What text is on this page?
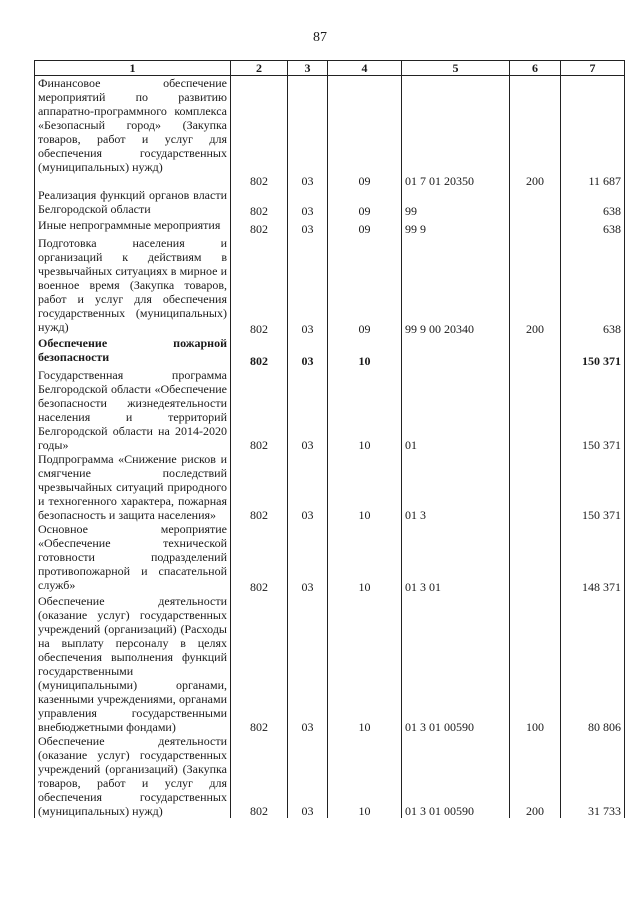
87
1	2	3	4	5	6	7
Финансовое обеспечение мероприятий по развитию аппаратно-программного комплекса «Безопасный город» (Закупка товаров, работ и услуг для обеспечения государственных (муниципальных) нужд)	802	03	09	01 7 01 20350	200	11 687
Реализация функций органов власти Белгородской области	802	03	09	99		638
Иные непрограммные мероприятия	802	03	09	99 9		638
Подготовка населения и организаций к действиям в чрезвычайных ситуациях в мирное и военное время (Закупка товаров, работ и услуг для обеспечения государственных (муниципальных) нужд)	802	03	09	99 9 00 20340	200	638
Обеспечение пожарной безопасности	802	03	10			150 371
Государственная программа Белгородской области «Обеспечение безопасности жизнедеятельности населения и территорий Белгородской области на 2014-2020 годы»	802	03	10	01		150 371
Подпрограмма «Снижение рисков и смягчение последствий чрезвычайных ситуаций природного и техногенного характера, пожарная безопасность и защита населения»	802	03	10	01 3		150 371
Основное мероприятие «Обеспечение технической готовности подразделений противопожарной и спасательной служб»	802	03	10	01 3 01		148 371
Обеспечение деятельности (оказание услуг) государственных учреждений (организаций) (Расходы на выплату персоналу в целях обеспечения выполнения функций государственными (муниципальными) органами, казенными учреждениями, органами управления государственными внебюджетными фондами)	802	03	10	01 3 01 00590	100	80 806
Обеспечение деятельности (оказание услуг) государственных учреждений (организаций) (Закупка товаров, работ и услуг для обеспечения государственных (муниципальных) нужд)	802	03	10	01 3 01 00590	200	31 733
